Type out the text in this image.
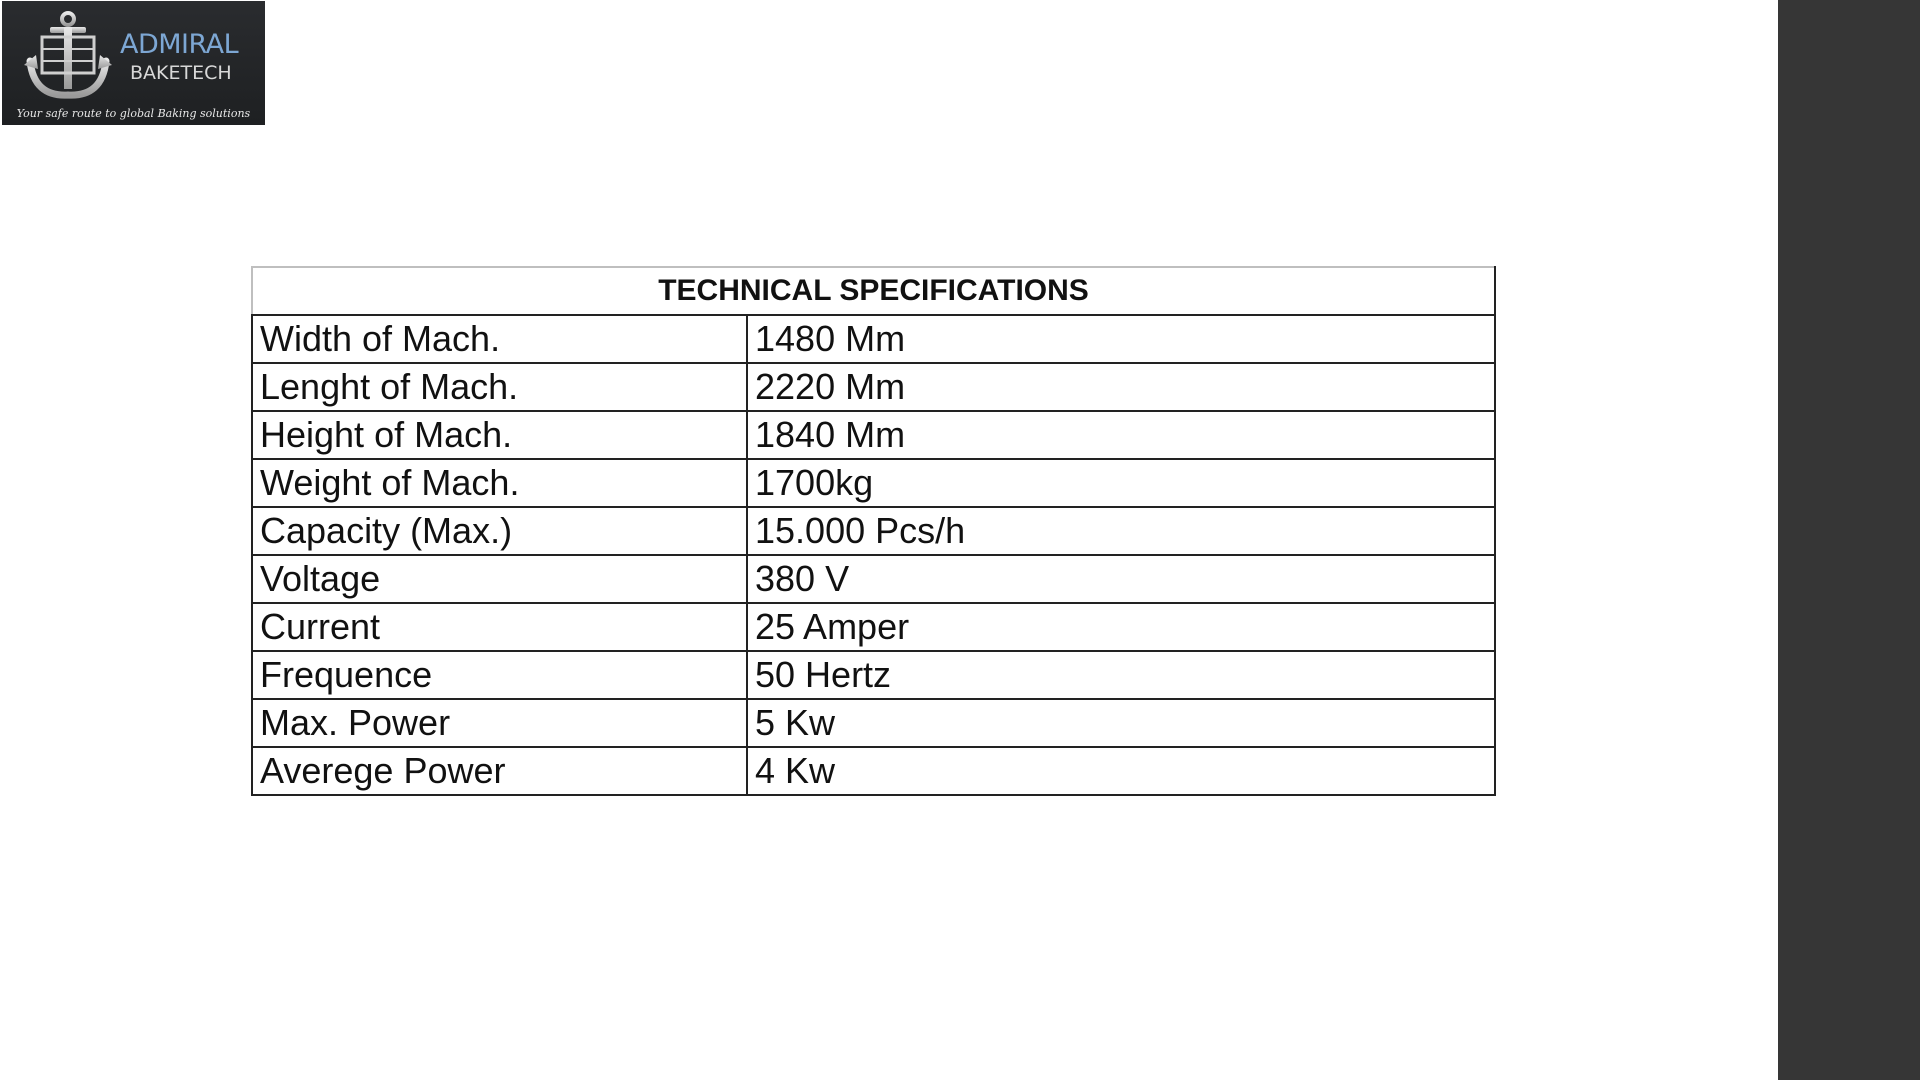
ADMIRAL
BAKETECH
Your safe route to global Baking solutions
TECHNICAL SPECIFICATIONS	
Width of Mach.	1480 Mm
Lenght of Mach.	2220 Mm
Height of Mach.	1840 Mm
Weight of Mach.	1700kg
Capacity (Max.)	15.000 Pcs/h
Voltage	380 V
Current	25 Amper
Frequence	50 Hertz
Max. Power	5 Kw
Averege Power	4 Kw
